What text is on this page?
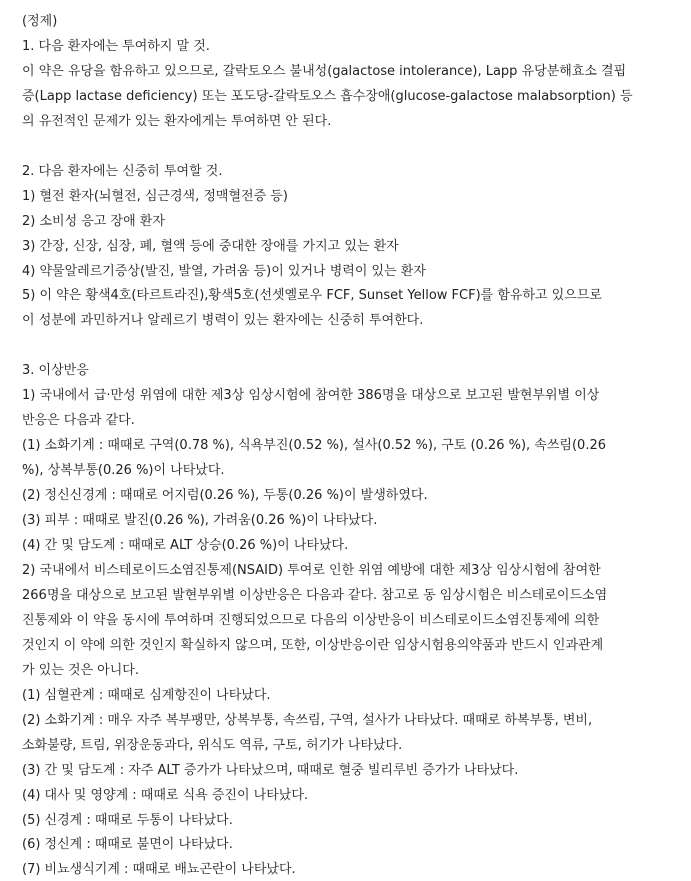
(정제)
1. 다음 환자에는 투여하지 말 것.
이 약은 유당을 함유하고 있으므로, 갈락토오스 불내성(galactose intolerance), Lapp 유당분해효소 결핍
증(Lapp lactase deficiency) 또는 포도당-갈락토오스 흡수장애(glucose-galactose malabsorption) 등
의 유전적인 문제가 있는 환자에게는 투여하면 안 된다.
2. 다음 환자에는 신중히 투여할 것.
1) 혈전 환자(뇌혈전, 심근경색, 정맥혈전증 등)
2) 소비성 응고 장애 환자
3) 간장, 신장, 심장, 폐, 혈액 등에 중대한 장애를 가지고 있는 환자
4) 약물알레르기증상(발진, 발열, 가려움 등)이 있거나 병력이 있는 환자
5) 이 약은 황색4호(타르트라진),황색5호(선셋옐로우 FCF, Sunset Yellow FCF)를 함유하고 있으므로
이 성분에 과민하거나 알레르기 병력이 있는 환자에는 신중히 투여한다.
3. 이상반응
1) 국내에서 급·만성 위염에 대한 제3상 임상시험에 참여한 386명을 대상으로 보고된 발현부위별 이상
반응은 다음과 같다.
(1) 소화기계 : 때때로 구역(0.78 %), 식욕부진(0.52 %), 설사(0.52 %), 구토 (0.26 %), 속쓰림(0.26
%), 상복부통(0.26 %)이 나타났다.
(2) 정신신경계 : 때때로 어지럼(0.26 %), 두통(0.26 %)이 발생하였다.
(3) 피부 : 때때로 발진(0.26 %), 가려움(0.26 %)이 나타났다.
(4) 간 및 담도계 : 때때로 ALT 상승(0.26 %)이 나타났다.
2) 국내에서 비스테로이드소염진통제(NSAID) 투여로 인한 위염 예방에 대한 제3상 임상시험에 참여한
266명을 대상으로 보고된 발현부위별 이상반응은 다음과 같다. 참고로 동 임상시험은 비스테로이드소염
진통제와 이 약을 동시에 투여하며 진행되었으므로 다음의 이상반응이 비스테로이드소염진통제에 의한
것인지 이 약에 의한 것인지 확실하지 않으며, 또한, 이상반응이란 임상시험용의약품과 반드시 인과관계
가 있는 것은 아니다.
(1) 심혈관계 : 때때로 심계항진이 나타났다.
(2) 소화기계 : 매우 자주 복부팽만, 상복부통, 속쓰림, 구역, 설사가 나타났다. 때때로 하복부통, 변비,
소화불량, 트림, 위장운동과다, 위식도 역류, 구토, 허기가 나타났다.
(3) 간 및 담도계 : 자주 ALT 증가가 나타났으며, 때때로 혈중 빌리루빈 증가가 나타났다.
(4) 대사 및 영양계 : 때때로 식욕 증진이 나타났다.
(5) 신경계 : 때때로 두통이 나타났다.
(6) 정신계 : 때때로 불면이 나타났다.
(7) 비뇨생식기계 : 때때로 배뇨곤란이 나타났다.
